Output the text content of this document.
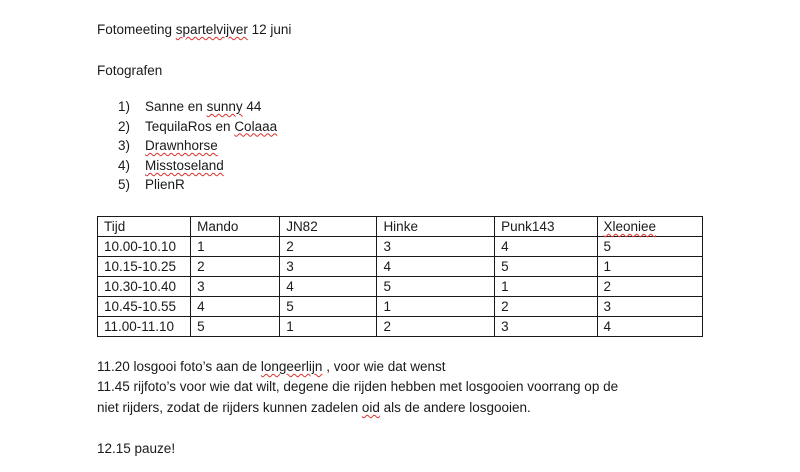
Fotomeeting spartelvijver 12 juni
Fotografen
1) Sanne en sunny 44
2) TequilaRos en Colaaa
3) Drawnhorse
4) Misstoseland
5) PlienR
Tijd	Mando	JN82	Hinke	Punk143	Xleoniee
10.00-10.10	1	2	3	4	5
10.15-10.25	2	3	4	5	1
10.30-10.40	3	4	5	1	2
10.45-10.55	4	5	1	2	3
11.00-11.10	5	1	2	3	4
11.20 losgooi foto’s aan de longeerlijn , voor wie dat wenst
11.45 rijfoto’s voor wie dat wilt, degene die rijden hebben met losgooien voorrang op de
niet rijders, zodat de rijders kunnen zadelen oid als de andere losgooien.
12.15 pauze!
